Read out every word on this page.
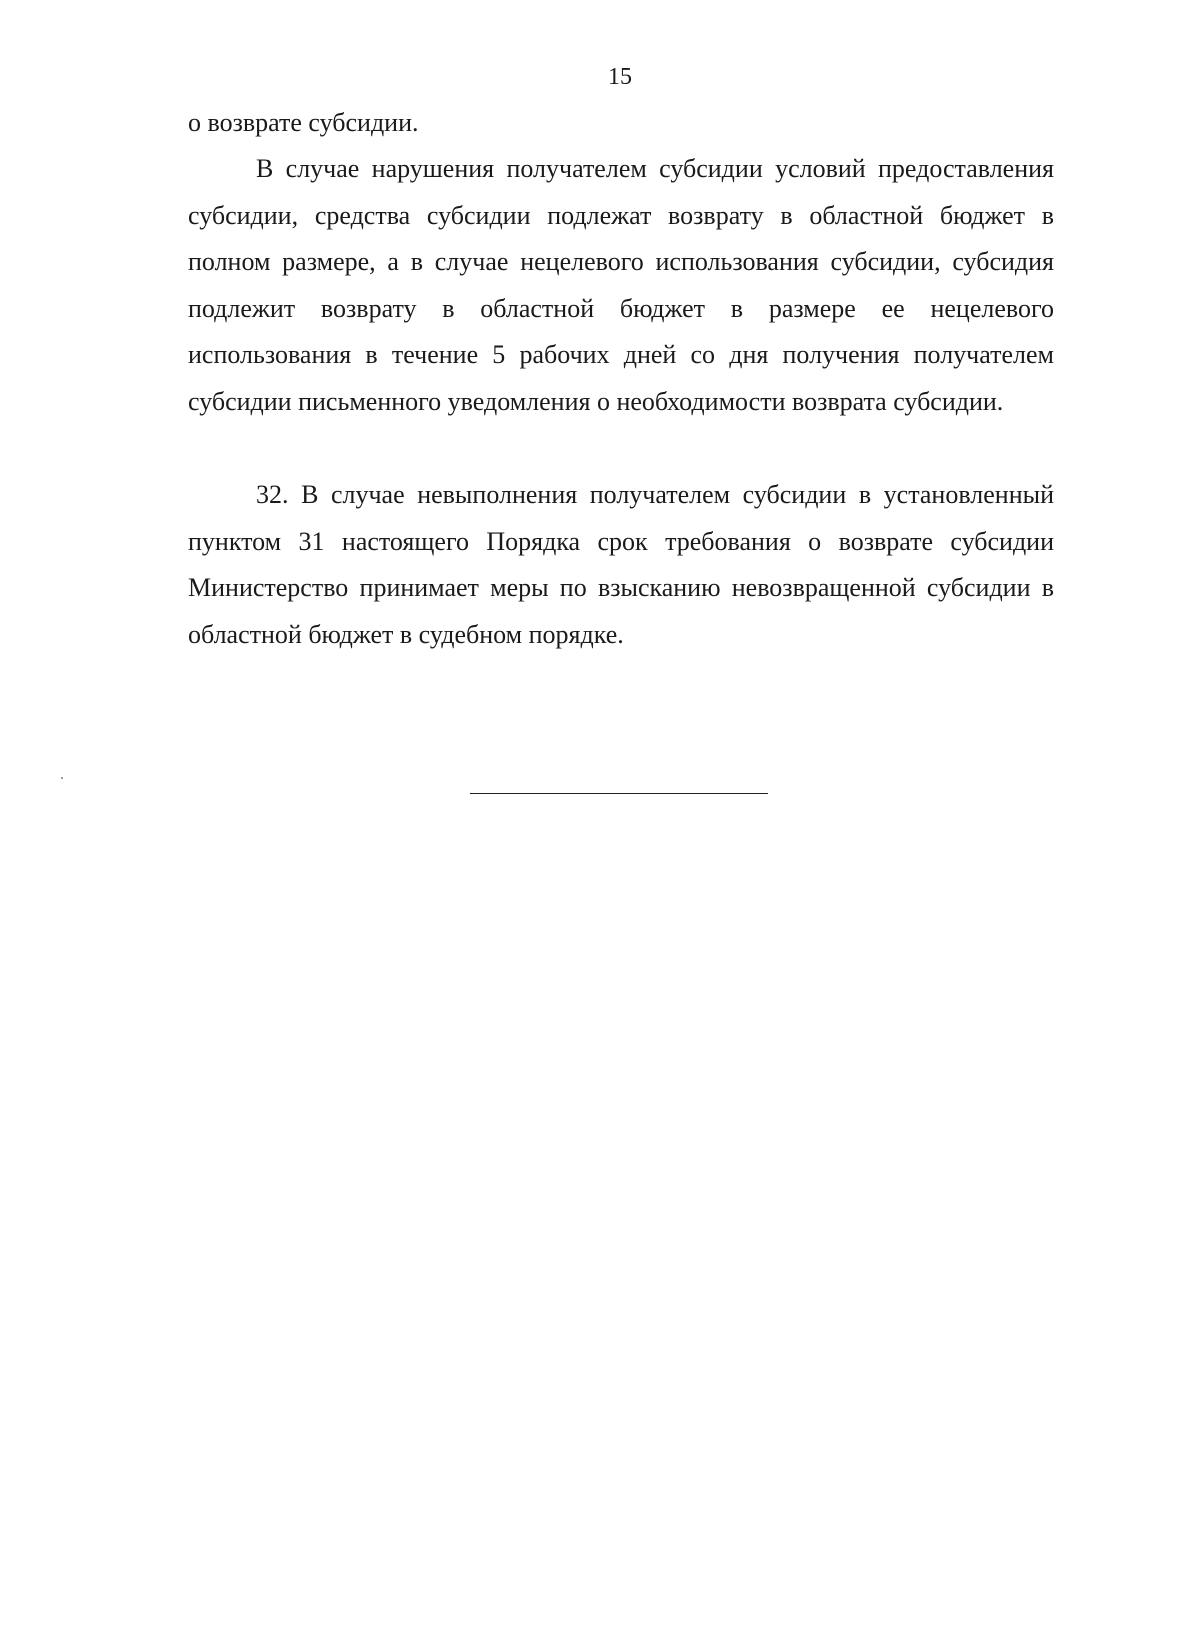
15
о возврате субсидии.
В случае нарушения получателем субсидии условий предоставления субсидии, средства субсидии подлежат возврату в областной бюджет в полном размере, а в случае нецелевого использования субсидии, субсидия подлежит возврату в областной бюджет в размере ее нецелевого использования в течение 5 рабочих дней со дня получения получателем субсидии письменного уведомления о необходимости возврата субсидии.
32. В случае невыполнения получателем субсидии в установленный пунктом 31 настоящего Порядка срок требования о возврате субсидии Министерство принимает меры по взысканию невозвращенной субсидии в областной бюджет в судебном порядке.
